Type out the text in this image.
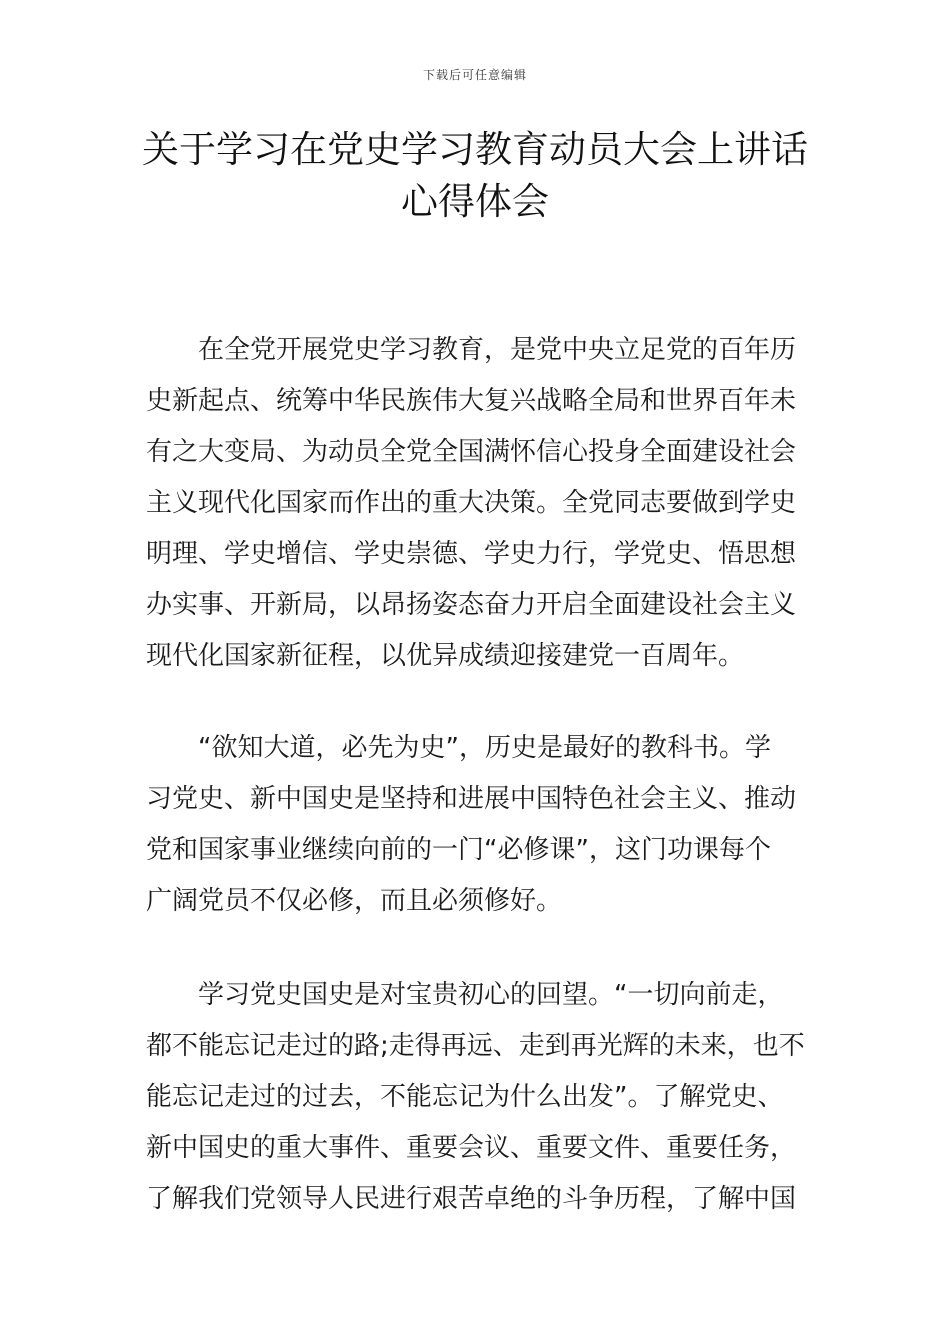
下载后可任意编辑
关于学习在党史学习教育动员大会上讲话
心得体会
在全党开展党史学习教育，是党中央立足党的百年历
史新起点、统筹中华民族伟大复兴战略全局和世界百年未
有之大变局、为动员全党全国满怀信心投身全面建设社会
主义现代化国家而作出的重大决策。全党同志要做到学史
明理、学史增信、学史崇德、学史力行，学党史、悟思想
办实事、开新局，以昂扬姿态奋力开启全面建设社会主义
现代化国家新征程，以优异成绩迎接建党一百周年。
“欲知大道，必先为史”，历史是最好的教科书。学
习党史、新中国史是坚持和进展中国特色社会主义、推动
党和国家事业继续向前的一门“必修课”，这门功课每个
广阔党员不仅必修，而且必须修好。
学习党史国史是对宝贵初心的回望。“一切向前走，
都不能忘记走过的路;走得再远、走到再光辉的未来，也不
能忘记走过的过去，不能忘记为什么出发”。了解党史、
新中国史的重大事件、重要会议、重要文件、重要任务，
了解我们党领导人民进行艰苦卓绝的斗争历程，了解中国
